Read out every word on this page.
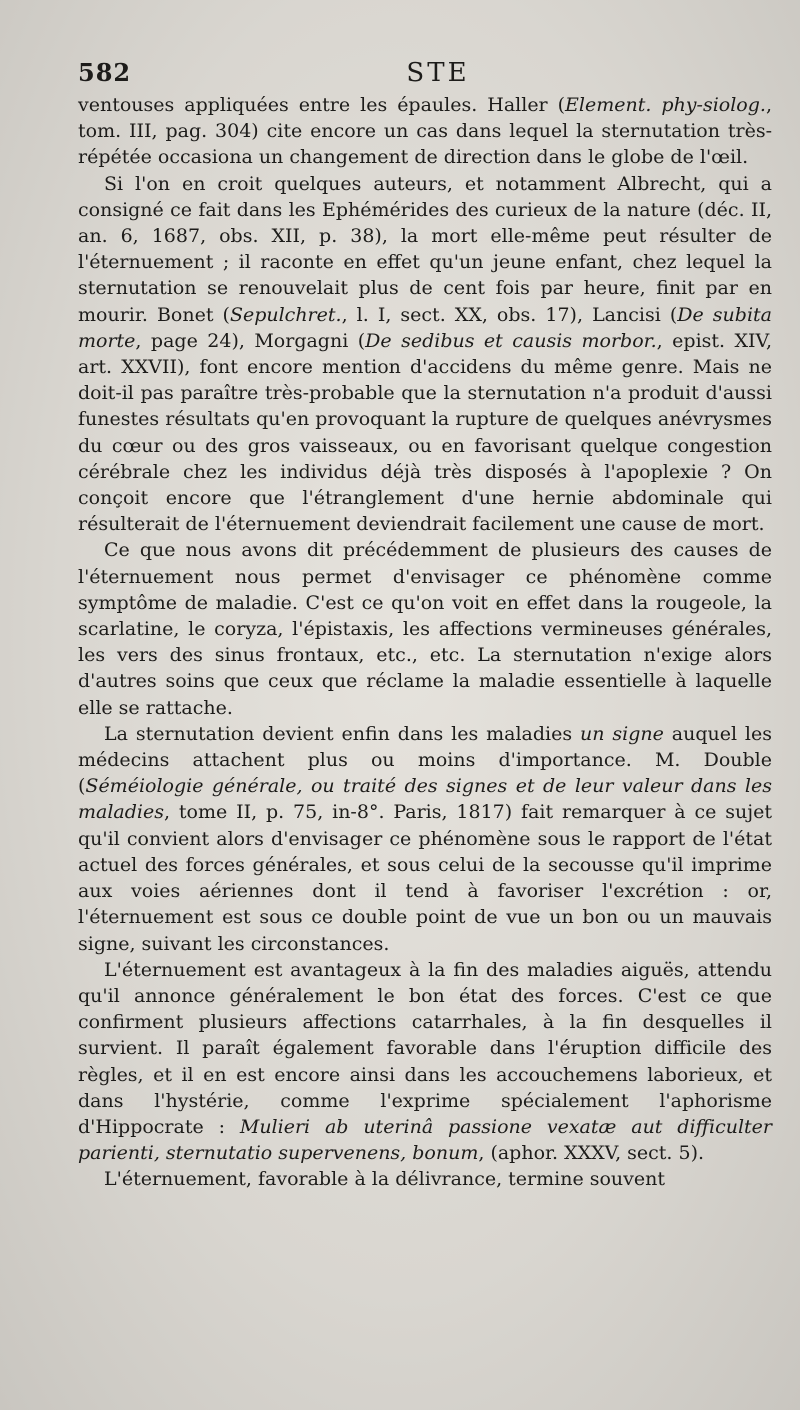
582	STE

ventouses appliquées entre les épaules. Haller (Element. phy-siolog., tom. III, pag. 304) cite encore un cas dans lequel la sternutation très-répétée occasiona un changement de direction dans le globe de l'œil.

Si l'on en croit quelques auteurs, et notamment Albrecht, qui a consigné ce fait dans les Ephémérides des curieux de la nature (déc. II, an. 6, 1687, obs. XII, p. 38), la mort elle-même peut résulter de l'éternuement ; il raconte en effet qu'un jeune enfant, chez lequel la sternutation se renouvelait plus de cent fois par heure, finit par en mourir. Bonet (Sepulchret., l. I, sect. XX, obs. 17), Lancisi (De subita morte, page 24), Morgagni (De sedibus et causis morbor., epist. XIV, art. XXVII), font encore mention d'accidens du même genre. Mais ne doit-il pas paraître très-probable que la sternutation n'a produit d'aussi funestes résultats qu'en provoquant la rupture de quelques anévrysmes du cœur ou des gros vaisseaux, ou en favorisant quelque congestion cérébrale chez les individus déjà très disposés à l'apoplexie ? On conçoit encore que l'étranglement d'une hernie abdominale qui résulterait de l'éternuement deviendrait facilement une cause de mort.

Ce que nous avons dit précédemment de plusieurs des causes de l'éternuement nous permet d'envisager ce phénomène comme symptôme de maladie. C'est ce qu'on voit en effet dans la rougeole, la scarlatine, le coryza, l'épistaxis, les affections vermineuses générales, les vers des sinus frontaux, etc., etc. La sternutation n'exige alors d'autres soins que ceux que réclame la maladie essentielle à laquelle elle se rattache.

La sternutation devient enfin dans les maladies un signe auquel les médecins attachent plus ou moins d'importance. M. Double (Séméiologie générale, ou traité des signes et de leur valeur dans les maladies, tome II, p. 75, in-8°. Paris, 1817) fait remarquer à ce sujet qu'il convient alors d'envisager ce phénomène sous le rapport de l'état actuel des forces générales, et sous celui de la secousse qu'il imprime aux voies aériennes dont il tend à favoriser l'excrétion : or, l'éternuement est sous ce double point de vue un bon ou un mauvais signe, suivant les circonstances.

L'éternuement est avantageux à la fin des maladies aiguës, attendu qu'il annonce généralement le bon état des forces. C'est ce que confirment plusieurs affections catarrhales, à la fin desquelles il survient. Il paraît également favorable dans l'éruption difficile des règles, et il en est encore ainsi dans les accouchemens laborieux, et dans l'hystérie, comme l'exprime spécialement l'aphorisme d'Hippocrate : Mulieri ab uterinâ passione vexatæ aut difficulter parienti, sternutatio supervenens, bonum, (aphor. XXXV, sect. 5).

L'éternuement, favorable à la délivrance, termine souvent
